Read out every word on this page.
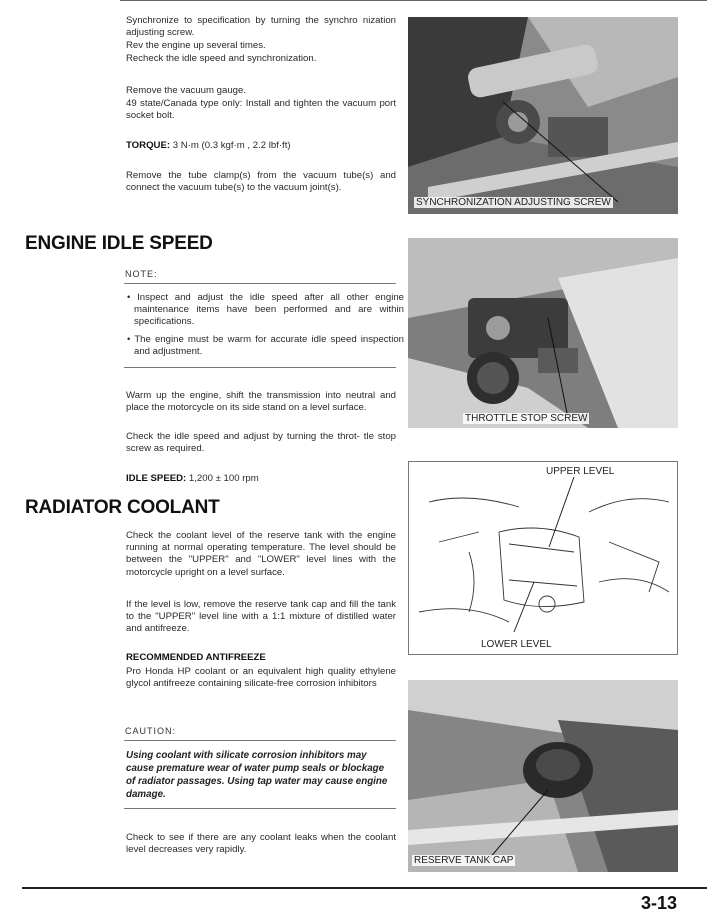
Synchronize to specification by turning the synchro nization adjusting screw.

Rev the engine up several times.

Recheck the idle speed and synchronization.

Remove the vacuum gauge.

49 state/Canada type only: Install and tighten the vacuum port socket bolt.

TORQUE: 3 N·m (0.3 kgf·m , 2.2 lbf·ft)

Remove the tube clamp(s) from the vacuum tube(s) and connect the vacuum tube(s) to the vacuum joint(s).

SYNCHRONIZATION ADJUSTING SCREW
ENGINE IDLE SPEED
NOTE:

• Inspect and adjust the idle speed after all other engine maintenance items have been performed and are within specifications.

• The engine must be warm for accurate idle speed inspection and adjustment.

Warm up the engine, shift the transmission into neutral and place the motorcycle on its side stand on a level surface.

Check the idle speed and adjust by turning the throt- tle stop screw as required.

IDLE SPEED: 1,200 ± 100 rpm

THROTTLE STOP SCREW
RADIATOR COOLANT

Check the coolant level of the reserve tank with the engine running at normal operating temperature. The level should be between the "UPPER" and "LOWER" level lines with the motorcycle upright on a level surface.

If the level is low, remove the reserve tank cap and fill the tank to the "UPPER" level line with a 1:1 mixture of distilled water and antifreeze.

RECOMMENDED ANTIFREEZE

Pro Honda HP coolant or an equivalent high quality ethylene glycol antifreeze containing silicate-free corrosion inhibitors

CAUTION:

Using coolant with silicate corrosion inhibitors may cause premature wear of water pump seals or blockage of radiator passages. Using tap water may cause engine damage.

Check to see if there are any coolant leaks when the coolant level decreases very rapidly.

UPPER LEVEL
LOWER LEVEL
RESERVE TANK CAP
3-13
